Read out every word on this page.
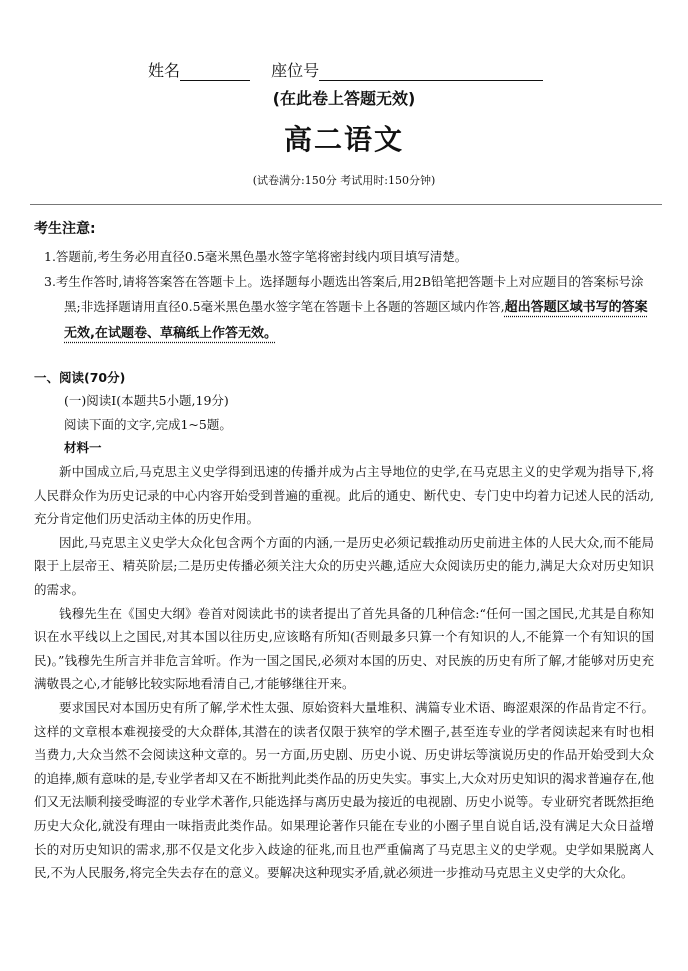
姓名	座位号
(在此卷上答题无效)
高二语文
(试卷满分:150分 考试用时:150分钟)
考生注意:

1.答题前,考生务必用直径0.5毫米黑色墨水签字笔将密封线内项目填写清楚。

3.考生作答时,请将答案答在答题卡上。选择题每小题选出答案后,用2B铅笔把答题卡上对应题目的答案标号涂黑;非选择题请用直径0.5毫米黑色墨水签字笔在答题卡上各题的答题区域内作答,超出答题区域书写的答案无效,在试题卷、草稿纸上作答无效。

一、阅读(70分)
(一)阅读I(本题共5小题,19分)
阅读下面的文字,完成1~5题。
材料一

新中国成立后,马克思主义史学得到迅速的传播并成为占主导地位的史学,在马克思主义的史学观为指导下,将人民群众作为历史记录的中心内容开始受到普遍的重视。此后的通史、断代史、专门史中均着力记述人民的活动,充分肯定他们历史活动主体的历史作用。

因此,马克思主义史学大众化包含两个方面的内涵,一是历史必须记载推动历史前进主体的人民大众,而不能局限于上层帝王、精英阶层;二是历史传播必须关注大众的历史兴趣,适应大众阅读历史的能力,满足大众对历史知识的需求。

钱穆先生在《国史大纲》卷首对阅读此书的读者提出了首先具备的几种信念:“任何一国之国民,尤其是自称知识在水平线以上之国民,对其本国以往历史,应该略有所知(否则最多只算一个有知识的人,不能算一个有知识的国民)。”钱穆先生所言并非危言耸听。作为一国之国民,必须对本国的历史、对民族的历史有所了解,才能够对历史充满敬畏之心,才能够比较实际地看清自己,才能够继往开来。

要求国民对本国历史有所了解,学术性太强、原始资料大量堆积、满篇专业术语、晦涩艰深的作品肯定不行。这样的文章根本难视接受的大众群体,其潜在的读者仅限于狭窄的学术圈子,甚至连专业的学者阅读起来有时也相当费力,大众当然不会阅读这种文章的。另一方面,历史剧、历史小说、历史讲坛等演说历史的作品开始受到大众的追捧,颇有意味的是,专业学者却又在不断批判此类作品的历史失实。事实上,大众对历史知识的渴求普遍存在,他们又无法顺利接受晦涩的专业学术著作,只能选择与离历史最为接近的电视剧、历史小说等。专业研究者既然拒绝历史大众化,就没有理由一味指责此类作品。如果理论著作只能在专业的小圈子里自说自话,没有满足大众日益增长的对历史知识的需求,那不仅是文化步入歧途的征兆,而且也严重偏离了马克思主义的史学观。史学如果脱离人民,不为人民服务,将完全失去存在的意义。要解决这种现实矛盾,就必须进一步推动马克思主义史学的大众化。
